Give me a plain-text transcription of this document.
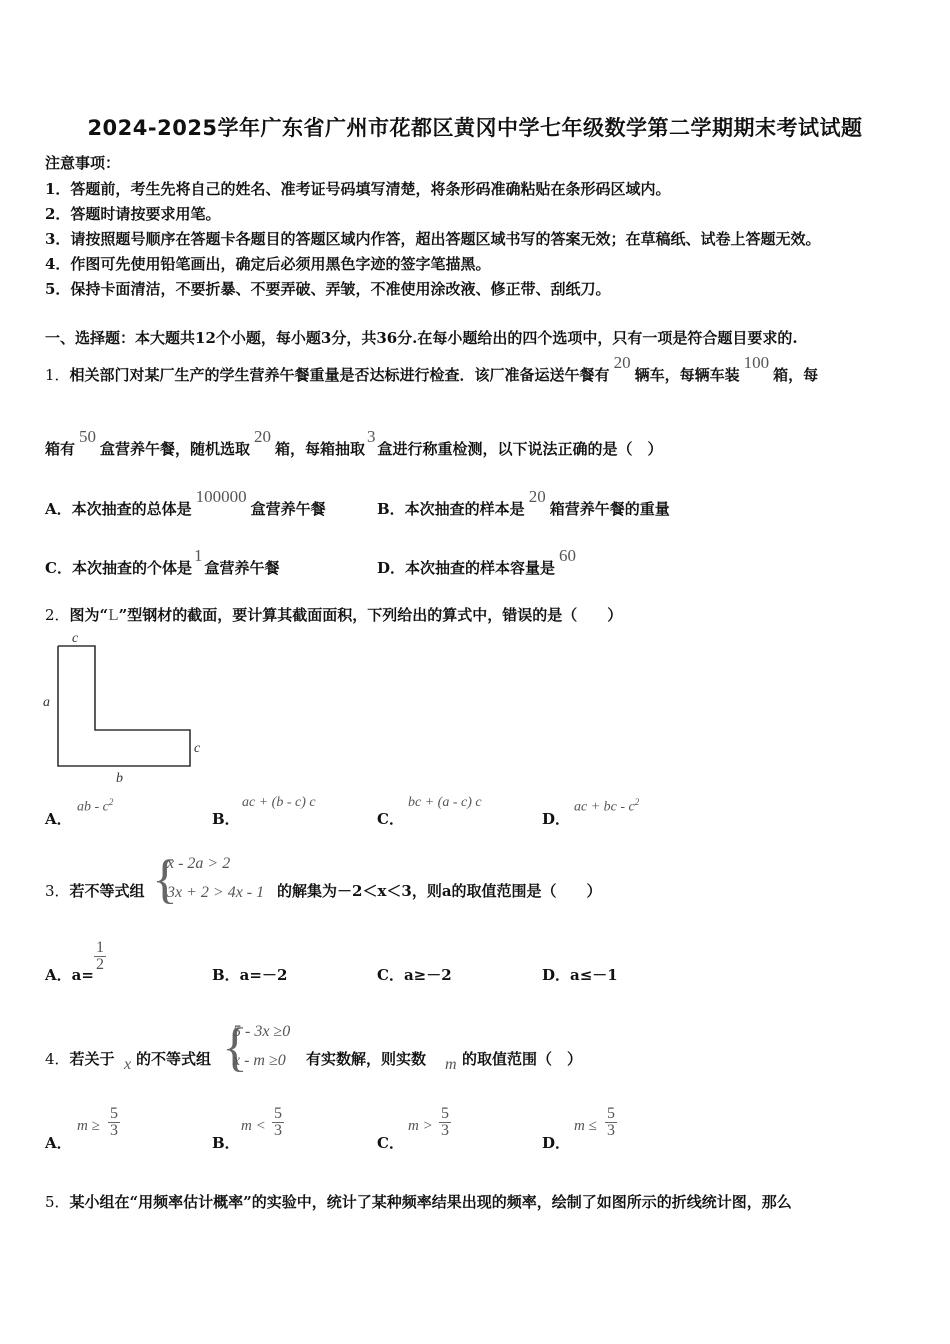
2024-2025学年广东省广州市花都区黄冈中学七年级数学第二学期期末考试试题
注意事项：
1．答题前，考生先将自己的姓名、准考证号码填写清楚，将条形码准确粘贴在条形码区域内。
2．答题时请按要求用笔。
3．请按照题号顺序在答题卡各题目的答题区域内作答，超出答题区域书写的答案无效；在草稿纸、试卷上答题无效。
4．作图可先使用铅笔画出，确定后必须用黑色字迹的签字笔描黑。
5．保持卡面清洁，不要折暴、不要弄破、弄皱，不准使用涂改液、修正带、刮纸刀。
一、选择题：本大题共12个小题，每小题3分，共36分.在每小题给出的四个选项中，只有一项是符合题目要求的.
1．相关部门对某厂生产的学生营养午餐重量是否达标进行检查．该厂准备运送午餐有20辆车，每辆车装100箱，每
箱有50盒营养午餐，随机选取20箱，每箱抽取3盒进行称重检测，以下说法正确的是（　）
A．本次抽查的总体是100000盒营养午餐	B．本次抽查的样本是20箱营养午餐的重量
C．本次抽查的个体是1盒营养午餐	D．本次抽查的样本容量是60
2．图为“L”型钢材的截面，要计算其截面面积，下列给出的算式中，错误的是（　　）
c
a
c
b
A．
ab - $c^2$
B．
ac + (b - c) c
C．
bc + (a - c) c
D．
ac + bc - $c^2$
3．若不等式组 {
x - 2a > 2
3x + 2 > 4x - 1 的解集为－2＜x＜3，则a的取值范围是（　　）
A．a=
$\frac{1}{2}$
B．a=－2	C．a≥－2	D．a≤－1
4．若关于 x 的不等式组 {
5 - 3x ≥0
x - m ≥0 有实数解，则实数 m 的取值范围（　）
A．
$m \ge \frac{5}{3}$
B．
$m < \frac{5}{3}$
C．
$m > \frac{5}{3}$
D．
$m \le \frac{5}{3}$
5．某小组在“用频率估计概率”的实验中，统计了某种频率结果出现的频率，绘制了如图所示的折线统计图，那么
